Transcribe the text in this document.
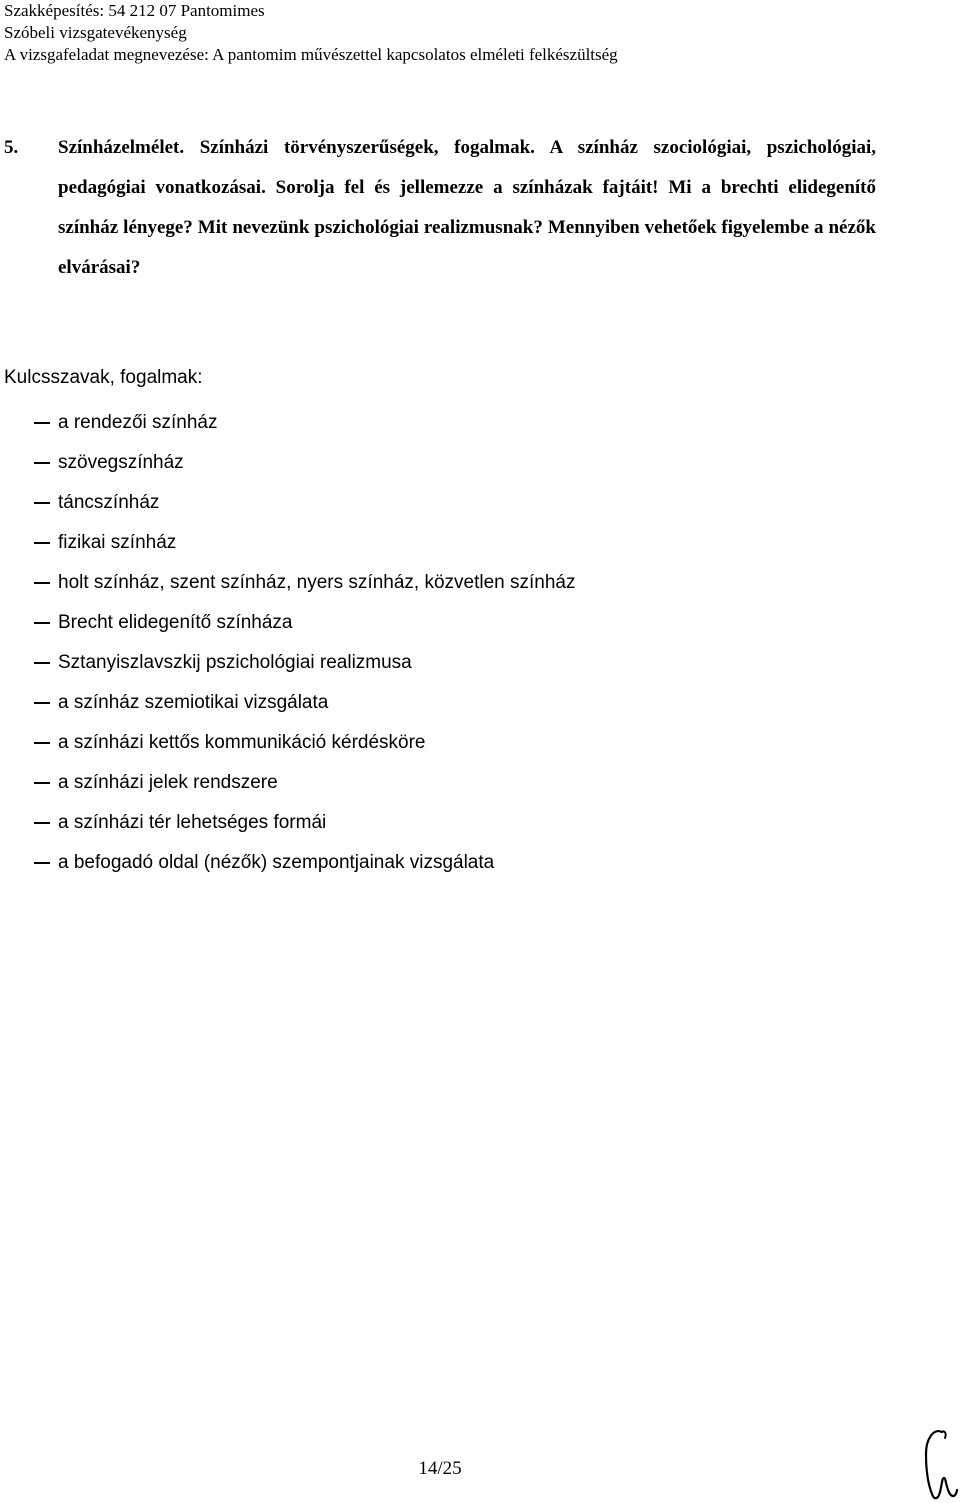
Szakképesítés: 54 212 07 Pantomimes
Szóbeli vizsgatevékenység
A vizsgafeladat megnevezése: A pantomim művészettel kapcsolatos elméleti felkészültség
5. Színházelmélet. Színházi törvényszerűségek, fogalmak. A színház szociológiai, pszichológiai, pedagógiai vonatkozásai. Sorolja fel és jellemezze a színházak fajtáit! Mi a brechti elidegenítő színház lényege? Mit nevezünk pszichológiai realizmusnak? Mennyiben vehetőek figyelembe a nézők elvárásai?
Kulcsszavak, fogalmak:
a rendezői színház
szövegszínház
táncszínház
fizikai színház
holt színház, szent színház, nyers színház, közvetlen színház
Brecht elidegenítő színháza
Sztanyiszlavszkij pszichológiai realizmusa
a színház szemiotikai vizsgálata
a színházi kettős kommunikáció kérdésköre
a színházi jelek rendszere
a színházi tér lehetséges formái
a befogadó oldal (nézők) szempontjainak vizsgálata
14/25
